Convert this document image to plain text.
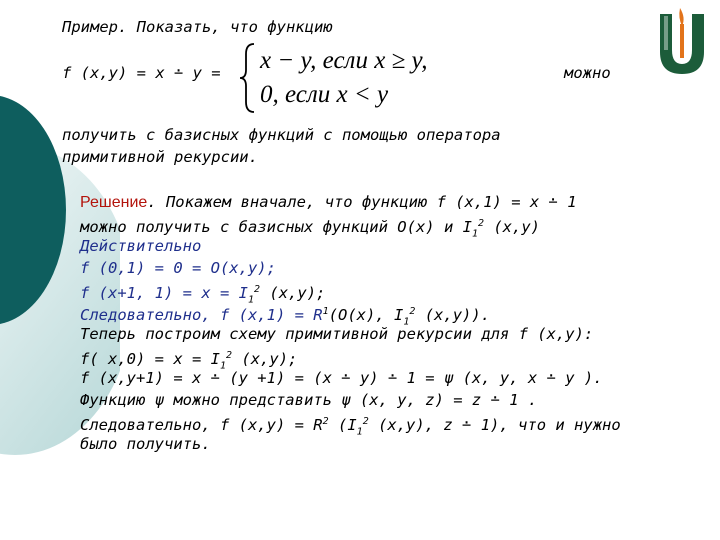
Пример. Показать, что функцию
f (x,y) = x ∸ y = x − y, если x ≥ y,
0, если x < y
можно
получить с базисных функций с помощью оператора
примитивной рекурсии.
Решение. Покажем вначале, что функцию f (x,1) = x ∸ 1
можно получить с базисных функций O(x) и $I_1^2$ (x,y)
Действительно
f (0,1) = 0 = O(x,y);
f (x+1, $1) = x = I_1^2$ (x,y);
Следовательно, f $(x,1) = R^1(O(x)$, $I_1^2$ (x,y)).
Теперь построим схему примитивной рекурсии для f (x,y):
f( $x,0) = x = I_1^2$ (x,y);
f (x,y+1) = x ∸ (y +1) = (x ∸ y) ∸ 1 = ψ (x, y, x ∸ y ).
Функцию ψ можно представить ψ (x, y, z) = z ∸ 1 .
Следовательно, f $(x,y) = R^2$ ($I_1^2$ (x,y), z ∸ 1), что и нужно
было получить.
